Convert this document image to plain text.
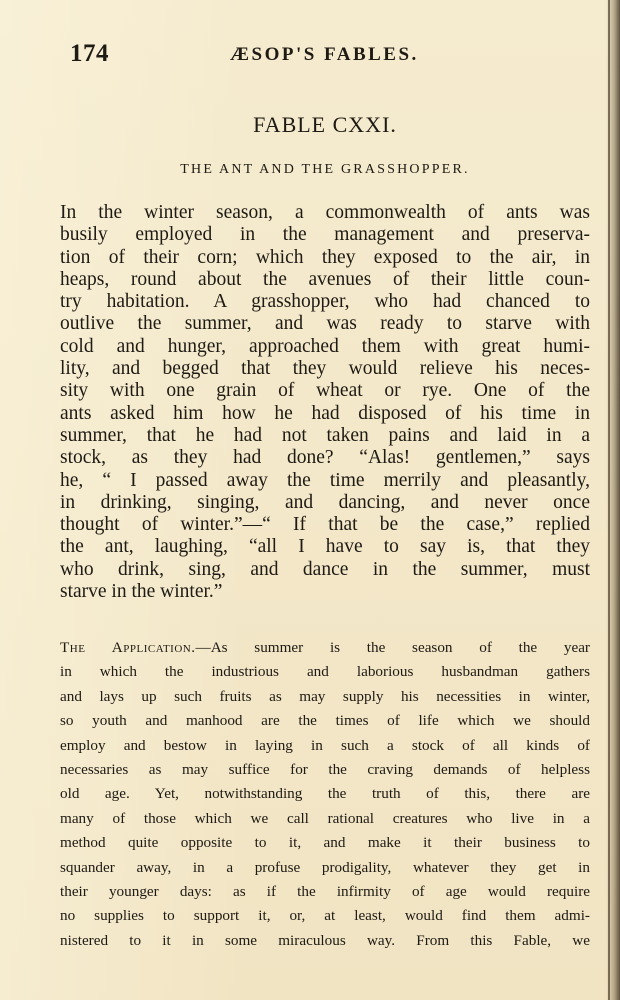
174	ÆSOP'S FABLES.
FABLE CXXI.
THE ANT AND THE GRASSHOPPER.
In the winter season, a commonwealth of ants was
busily employed in the management and preserva-
tion of their corn; which they exposed to the air, in
heaps, round about the avenues of their little coun-
try habitation. A grasshopper, who had chanced to
outlive the summer, and was ready to starve with
cold and hunger, approached them with great humi-
lity, and begged that they would relieve his neces-
sity with one grain of wheat or rye. One of the
ants asked him how he had disposed of his time in
summer, that he had not taken pains and laid in a
stock, as they had done? “Alas! gentlemen,” says
he, “ I passed away the time merrily and pleasantly,
in drinking, singing, and dancing, and never once
thought of winter.”—“ If that be the case,” replied
the ant, laughing, “all I have to say is, that they
who drink, sing, and dance in the summer, must
starve in the winter.”
The Application.—As summer is the season of the year
in which the industrious and laborious husbandman gathers
and lays up such fruits as may supply his necessities in winter,
so youth and manhood are the times of life which we should
employ and bestow in laying in such a stock of all kinds of
necessaries as may suffice for the craving demands of helpless
old age. Yet, notwithstanding the truth of this, there are
many of those which we call rational creatures who live in a
method quite opposite to it, and make it their business to
squander away, in a profuse prodigality, whatever they get in
their younger days: as if the infirmity of age would require
no supplies to support it, or, at least, would find them admi-
nistered to it in some miraculous way. From this Fable, we
